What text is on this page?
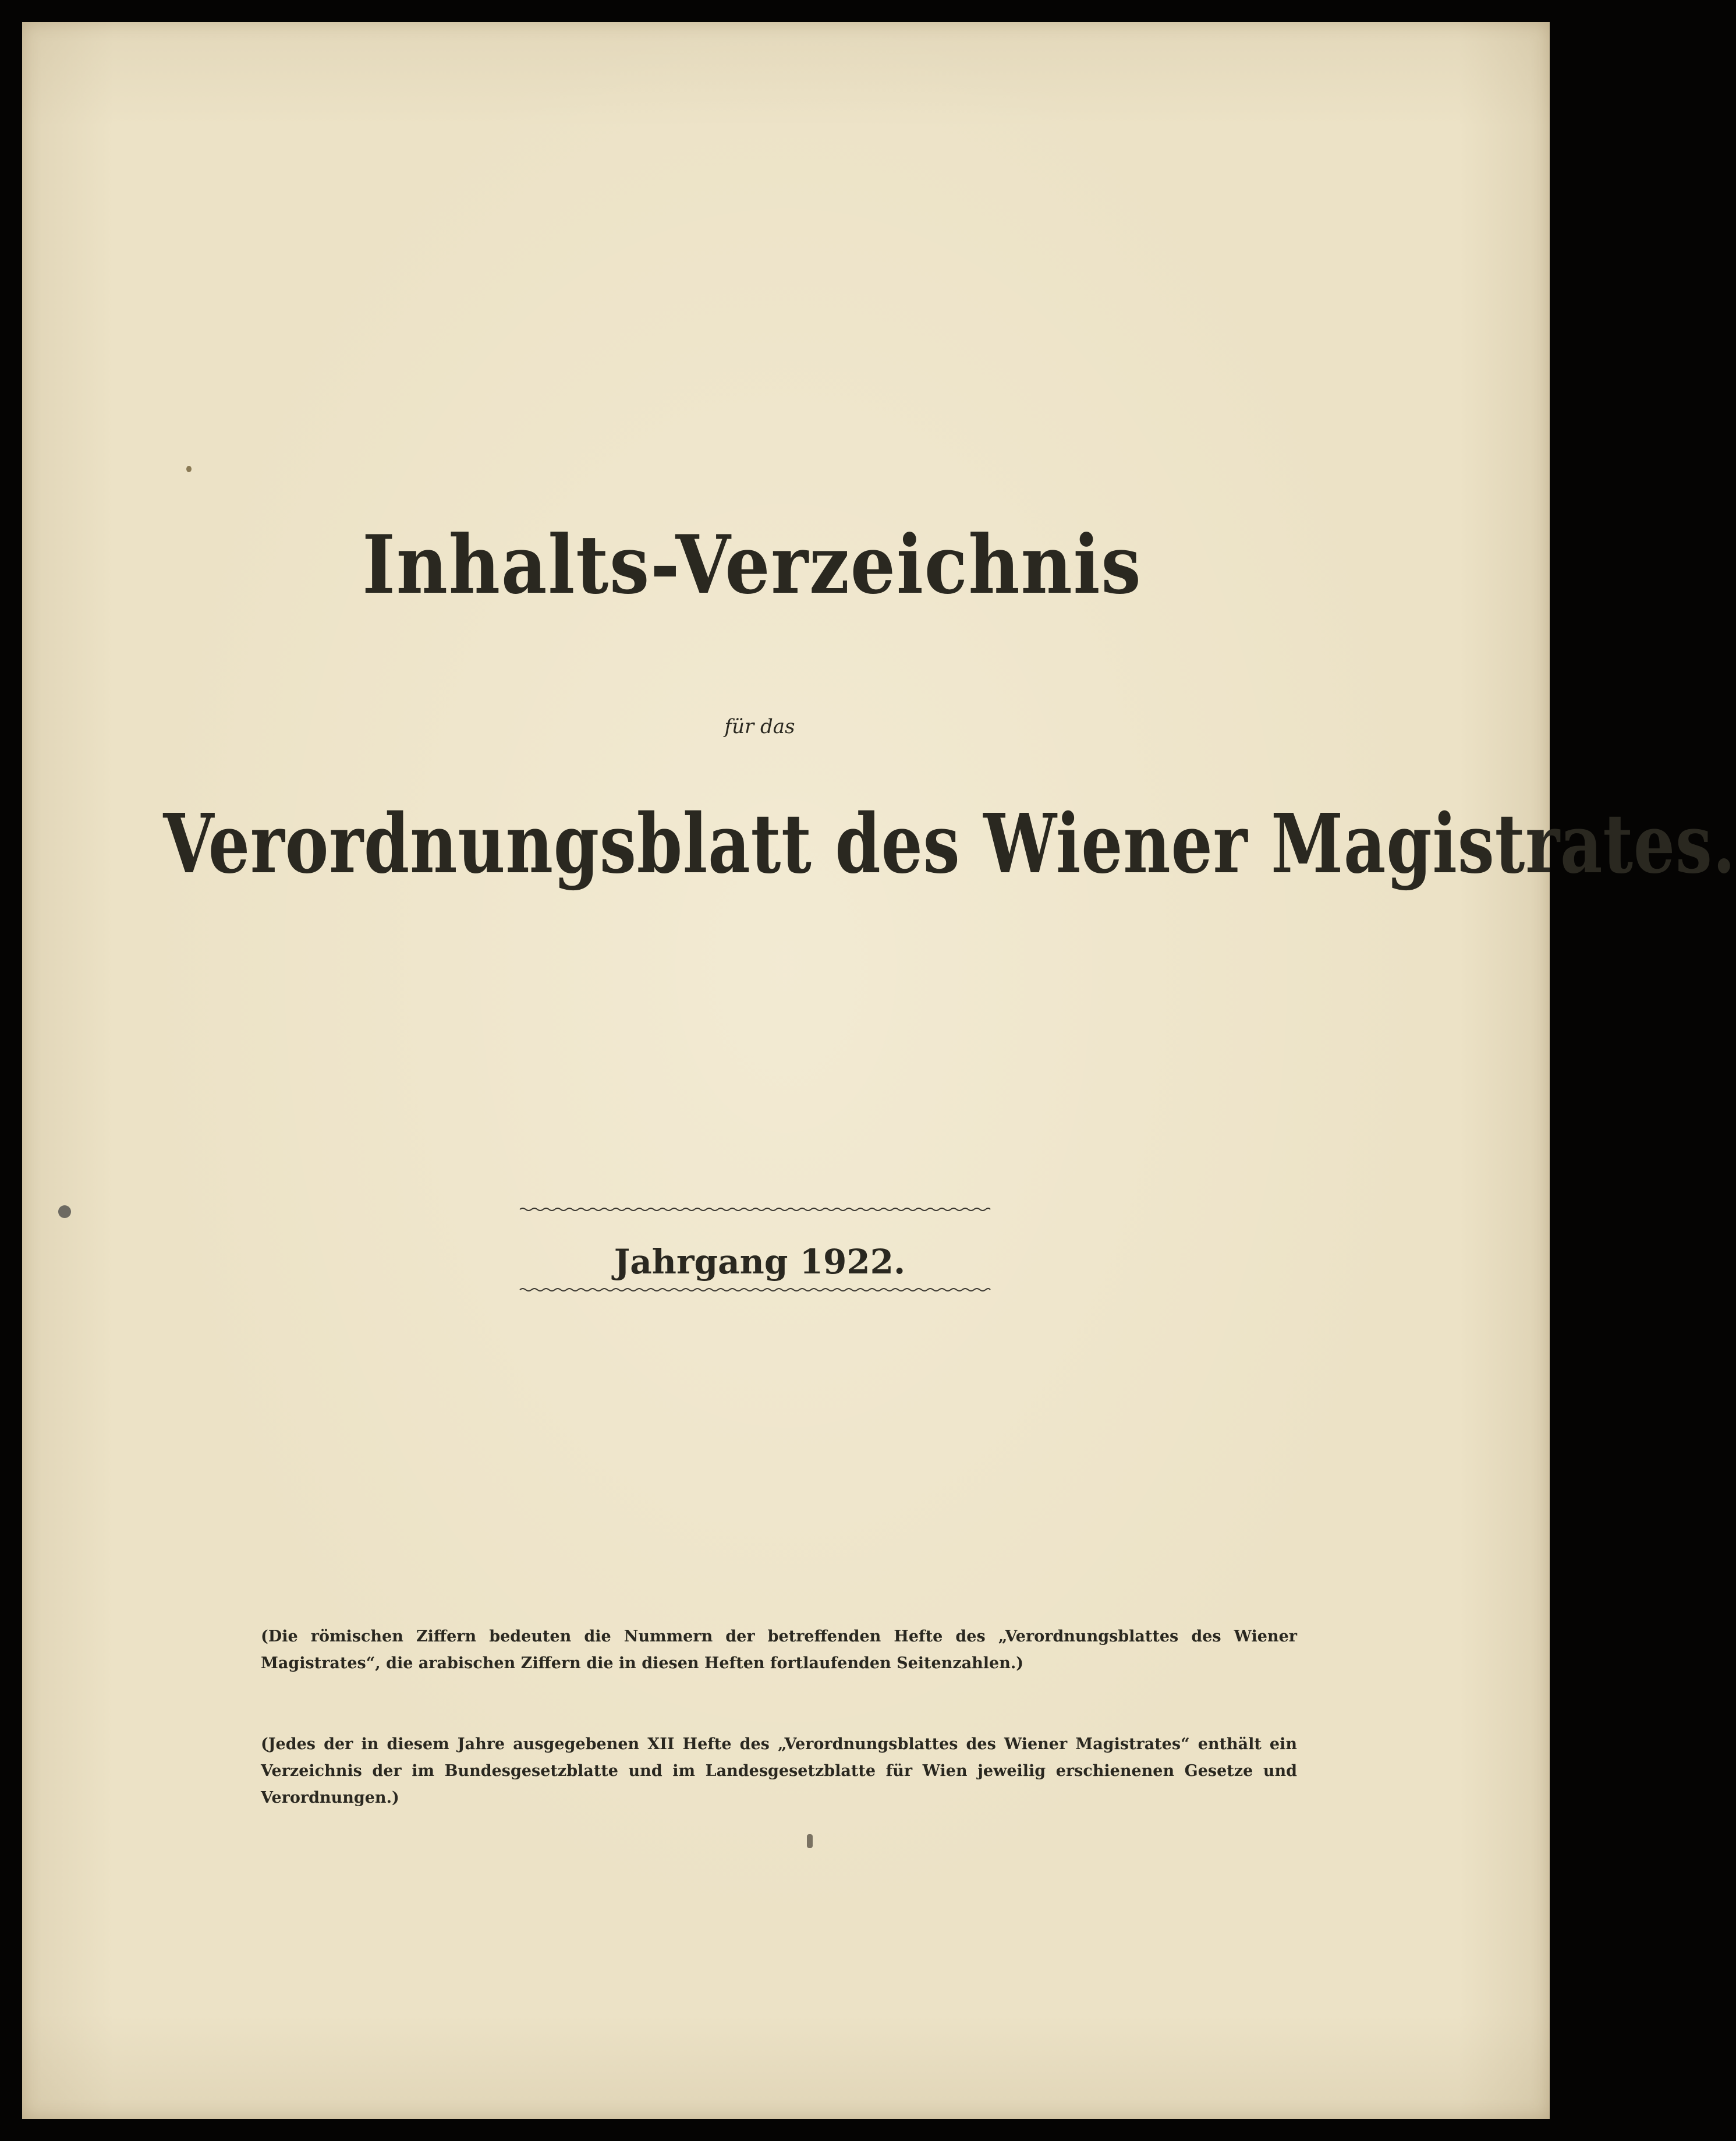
Inhalts-Verzeichnis
für das
Verordnungsblatt des Wiener Magistrates.
Jahrgang 1922.
(Die römischen Ziffern bedeuten die Nummern der betreffenden Hefte des „Verordnungsblattes des Wiener Magistrates“, die arabischen Ziffern die in diesen Heften fortlaufenden Seitenzahlen.)
(Jedes der in diesem Jahre ausgegebenen XII Hefte des „Verordnungsblattes des Wiener Magistrates“ enthält ein Verzeichnis der im Bundesgesetzblatte und im Landesgesetzblatte für Wien jeweilig erschienenen Gesetze und Verordnungen.)
